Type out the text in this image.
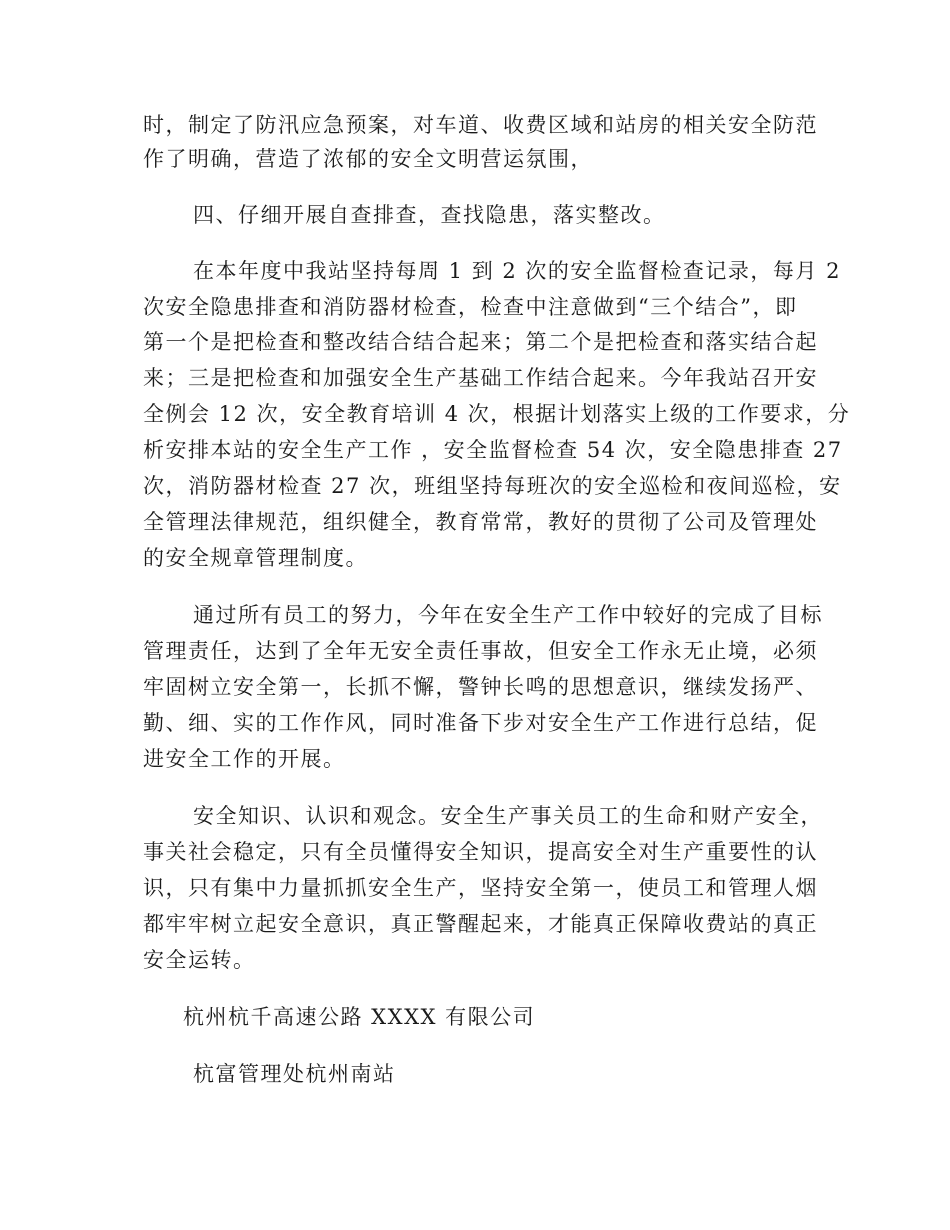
时，制定了防汛应急预案，对车道、收费区域和站房的相关安全防范
作了明确，营造了浓郁的安全文明营运氛围，
四、仔细开展自查排查，查找隐患，落实整改。
在本年度中我站坚持每周 1 到 2 次的安全监督检查记录，每月 2
次安全隐患排查和消防器材检查，检查中注意做到“三个结合”，即
第一个是把检查和整改结合结合起来；第二个是把检查和落实结合起
来；三是把检查和加强安全生产基础工作结合起来。今年我站召开安
全例会 12 次，安全教育培训 4 次，根据计划落实上级的工作要求，分
析安排本站的安全生产工作 ，安全监督检查 54 次，安全隐患排查 27
次，消防器材检查 27 次，班组坚持每班次的安全巡检和夜间巡检，安
全管理法律规范，组织健全，教育常常，教好的贯彻了公司及管理处
的安全规章管理制度。
通过所有员工的努力，今年在安全生产工作中较好的完成了目标
管理责任，达到了全年无安全责任事故，但安全工作永无止境，必须
牢固树立安全第一，长抓不懈，警钟长鸣的思想意识，继续发扬严、
勤、细、实的工作作风，同时准备下步对安全生产工作进行总结，促
进安全工作的开展。
安全知识、认识和观念。安全生产事关员工的生命和财产安全，
事关社会稳定，只有全员懂得安全知识，提高安全对生产重要性的认
识，只有集中力量抓抓安全生产，坚持安全第一，使员工和管理人烟
都牢牢树立起安全意识，真正警醒起来，才能真正保障收费站的真正
安全运转。
杭州杭千高速公路 XXXX 有限公司
杭富管理处杭州南站
